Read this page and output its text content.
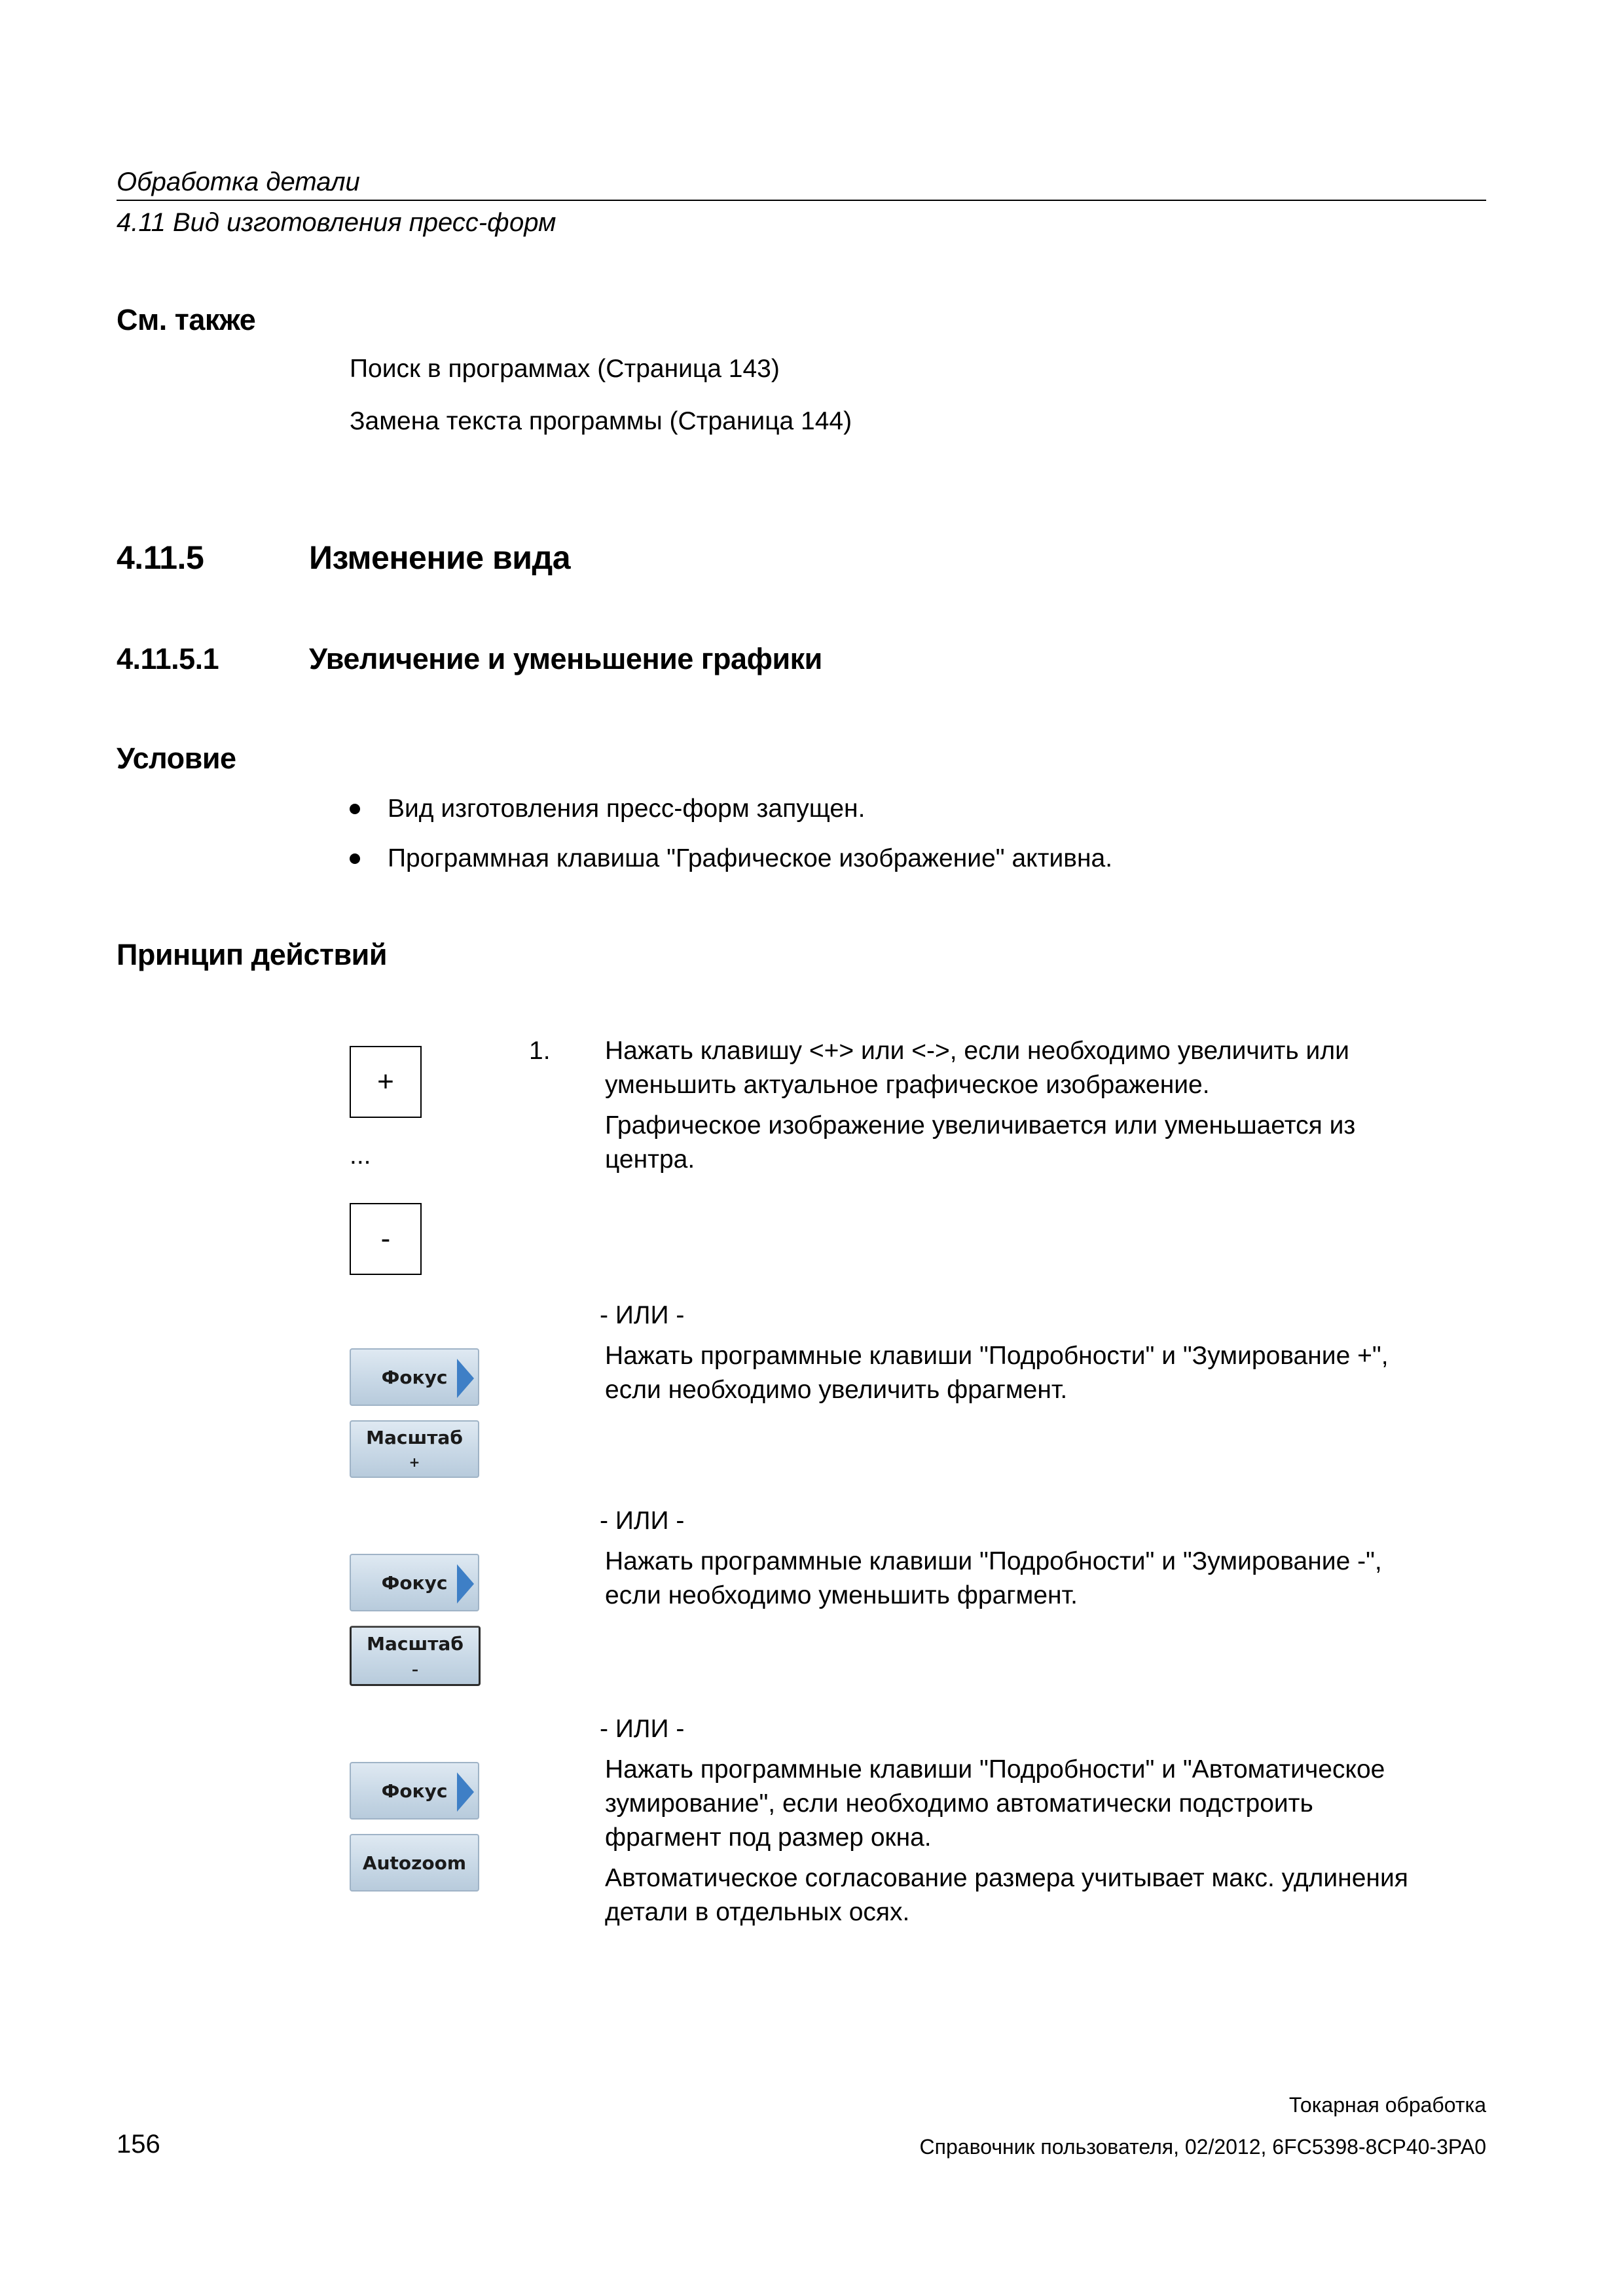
Обработка детали
4.11 Вид изготовления пресс-форм
См. также
Поиск в программах (Страница 143)
Замена текста программы (Страница 144)
4.11.5	Изменение вида
4.11.5.1	Увеличение и уменьшение графики
Условие
Вид изготовления пресс-форм запущен.
Программная клавиша "Графическое изображение" активна.
Принцип действий
+
...
-
1. Нажать клавишу <+> или <->, если необходимо увеличить или
уменьшить актуальное графическое изображение.
Графическое изображение увеличивается или уменьшается из
центра.
- ИЛИ -
Нажать программные клавиши "Подробности" и "Зумирование +",
если необходимо увеличить фрагмент.
Фокус
Масштаб
+
- ИЛИ -
Нажать программные клавиши "Подробности" и "Зумирование -",
если необходимо уменьшить фрагмент.
Фокус
Масштаб
–
- ИЛИ -
Нажать программные клавиши "Подробности" и "Автоматическое
зумирование", если необходимо автоматически подстроить
фрагмент под размер окна.
Автоматическое согласование размера учитывает макс. удлинения
детали в отдельных осях.
Фокус
Autozoom
Токарная обработка
156	Справочник пользователя, 02/2012, 6FC5398-8CP40-3PA0
